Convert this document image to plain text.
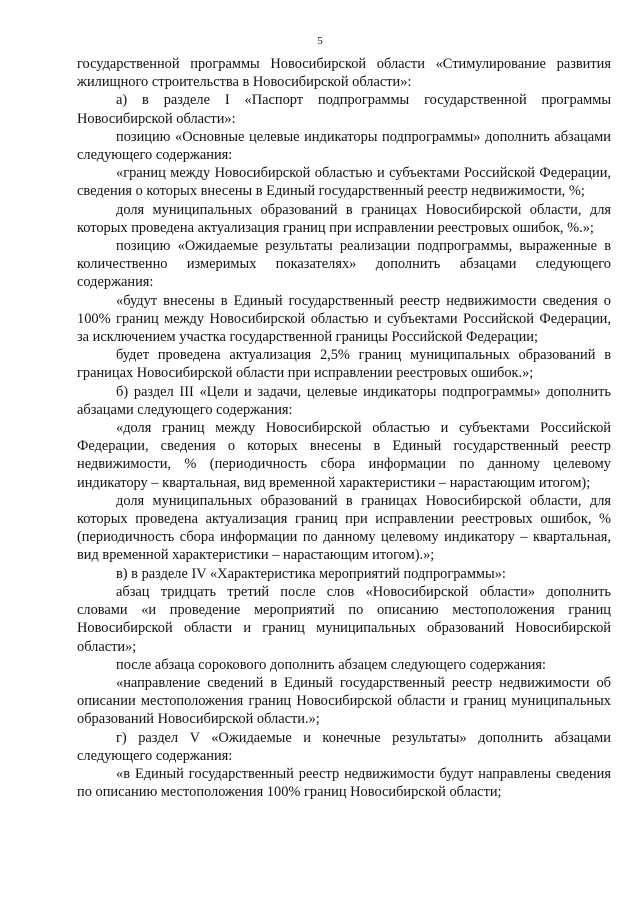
5

государственной программы Новосибирской области «Стимулирование развития жилищного строительства в Новосибирской области»:

а) в разделе I «Паспорт подпрограммы государственной программы Новосибирской области»:

позицию «Основные целевые индикаторы подпрограммы» дополнить абзацами следующего содержания:

«границ между Новосибирской областью и субъектами Российской Федерации, сведения о которых внесены в Единый государственный реестр недвижимости, %;

доля муниципальных образований в границах Новосибирской области, для которых проведена актуализация границ при исправлении реестровых ошибок, %.»;

позицию «Ожидаемые результаты реализации подпрограммы, выраженные в количественно измеримых показателях» дополнить абзацами следующего содержания:

«будут внесены в Единый государственный реестр недвижимости сведения о 100% границ между Новосибирской областью и субъектами Российской Федерации, за исключением участка государственной границы Российской Федерации;

будет проведена актуализация 2,5% границ муниципальных образований в границах Новосибирской области при исправлении реестровых ошибок.»;

б) раздел III «Цели и задачи, целевые индикаторы подпрограммы» дополнить абзацами следующего содержания:

«доля границ между Новосибирской областью и субъектами Российской Федерации, сведения о которых внесены в Единый государственный реестр недвижимости, % (периодичность сбора информации по данному целевому индикатору – квартальная, вид временной характеристики – нарастающим итогом);

доля муниципальных образований в границах Новосибирской области, для которых проведена актуализация границ при исправлении реестровых ошибок, % (периодичность сбора информации по данному целевому индикатору – квартальная, вид временной характеристики – нарастающим итогом).»;

в) в разделе IV «Характеристика мероприятий подпрограммы»:

абзац тридцать третий после слов «Новосибирской области» дополнить словами «и проведение мероприятий по описанию местоположения границ Новосибирской области и границ муниципальных образований Новосибирской области»;

после абзаца сорокового дополнить абзацем следующего содержания:

«направление сведений в Единый государственный реестр недвижимости об описании местоположения границ Новосибирской области и границ муниципальных образований Новосибирской области.»;

г) раздел V «Ожидаемые и конечные результаты» дополнить абзацами следующего содержания:

«в Единый государственный реестр недвижимости будут направлены сведения по описанию местоположения 100% границ Новосибирской области;
